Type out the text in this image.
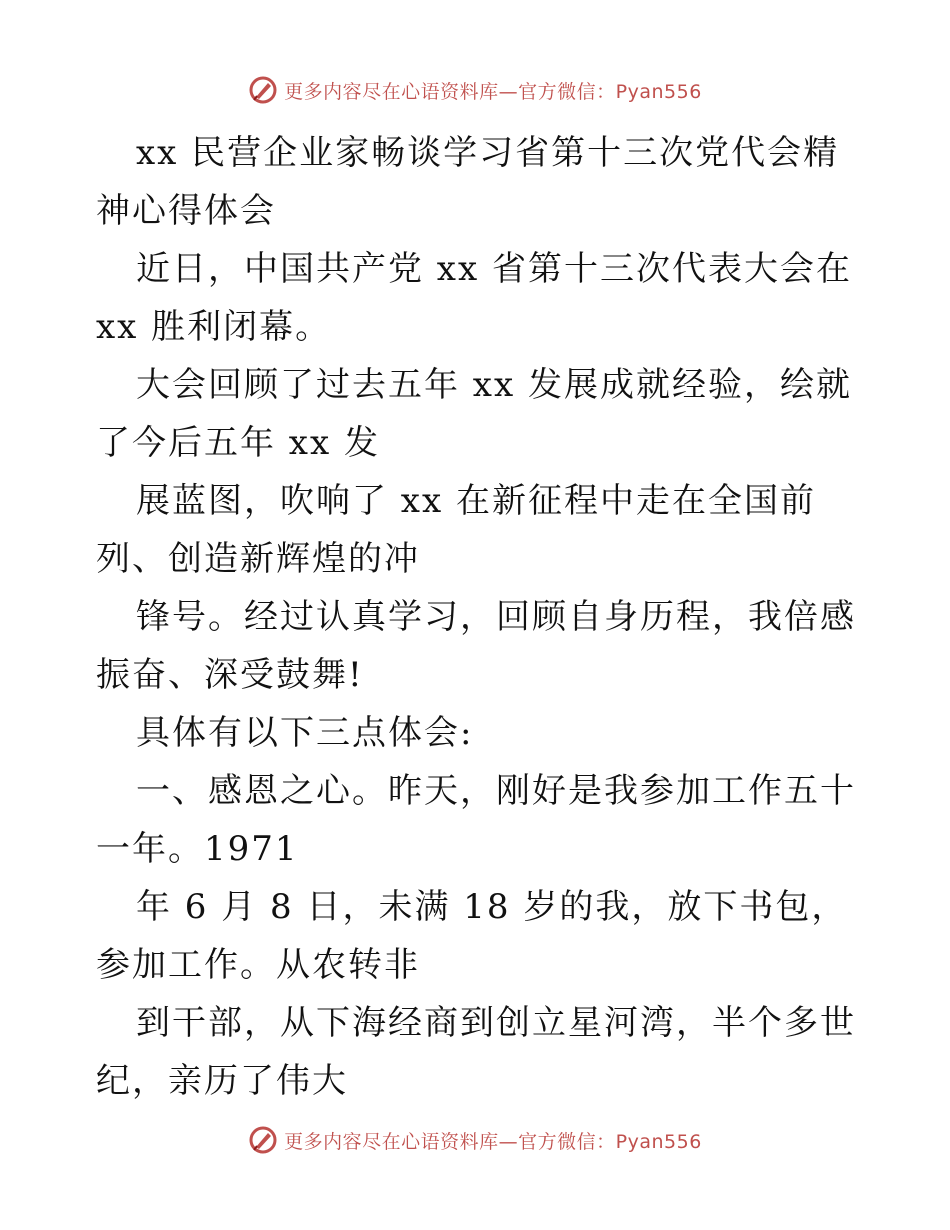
更多内容尽在心语资料库—官方微信：Pyan556

xx 民营企业家畅谈学习省第十三次党代会精神心得体会

近日，中国共产党 xx 省第十三次代表大会在 xx 胜利闭幕。

大会回顾了过去五年 xx 发展成就经验，绘就了今后五年 xx 发

展蓝图，吹响了 xx 在新征程中走在全国前列、创造新辉煌的冲

锋号。经过认真学习，回顾自身历程，我倍感振奋、深受鼓舞!

具体有以下三点体会:

一、感恩之心。昨天，刚好是我参加工作五十一年。1971

年 6 月 8 日，未满 18 岁的我，放下书包，参加工作。从农转非

到干部，从下海经商到创立星河湾，半个多世纪，亲历了伟大

更多内容尽在心语资料库—官方微信：Pyan556
